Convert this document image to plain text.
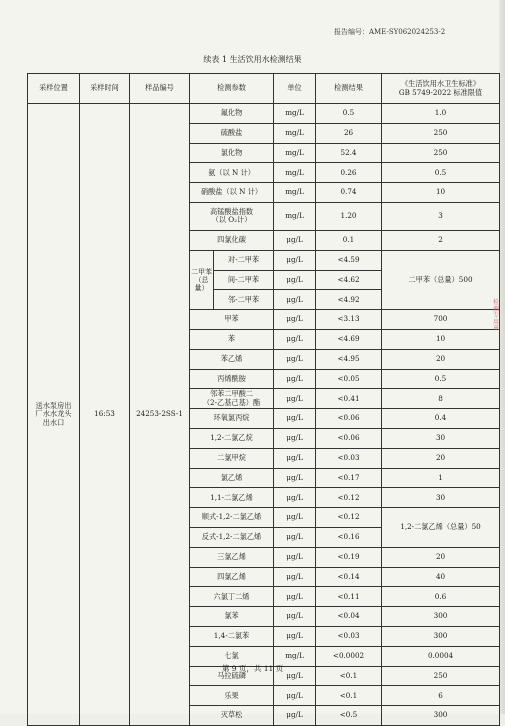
报告编号：AME-SY062024253-2
续表 1 生活饮用水检测结果
采样位置	采样时间	样品编号	检测参数		单位	检测结果	《生活饮用水卫生标准》
GB 5749-2022 标准限值
送水泵房出厂水水龙头出水口	16:53	24253-2SS-1	氟化物		mg/L	0.5	1.0
			硫酸盐		mg/L	26	250
			氯化物		mg/L	52.4	250
			氨（以 N 计）		mg/L	0.26	0.5
			硝酸盐（以 N 计）		mg/L	0.74	10
			高锰酸盐指数
（以 O₂计）		mg/L	1.20	3
			四氯化碳		μg/L	0.1	2
			二甲苯（总量）	对-二甲苯	μg/L	<4.59	二甲苯（总量）500
				间-二甲苯	μg/L	<4.62	
				邻-二甲苯	μg/L	<4.92	
			甲苯		μg/L	<3.13	700
			苯		μg/L	<4.69	10
			苯乙烯		μg/L	<4.95	20
			丙烯酰胺		μg/L	<0.05	0.5
			邻苯二甲酸二
（2-乙基己基）酯		μg/L	<0.41	8
			环氧氯丙烷		μg/L	<0.06	0.4
			1,2-二氯乙烷		μg/L	<0.06	30
			二氯甲烷		μg/L	<0.03	20
			氯乙烯		μg/L	<0.17	1
			1,1-二氯乙烯		μg/L	<0.12	30
			顺式-1,2-二氯乙烯		μg/L	<0.12	1,2-二氯乙烯（总量）50
			反式-1,2-二氯乙烯		μg/L	<0.16	
			三氯乙烯		μg/L	<0.19	20
			四氯乙烯		μg/L	<0.14	40
			六氯丁二烯		μg/L	<0.11	0.6
			氯苯		μg/L	<0.04	300
			1,4-二氯苯		μg/L	<0.03	300
			七氯		mg/L	<0.0002	0.0004
			马拉硫磷		μg/L	<0.1	250
			乐果		μg/L	<0.1	6
			灭草松		μg/L	<0.5	300
检测专用章
第 9 页，共 11 页
